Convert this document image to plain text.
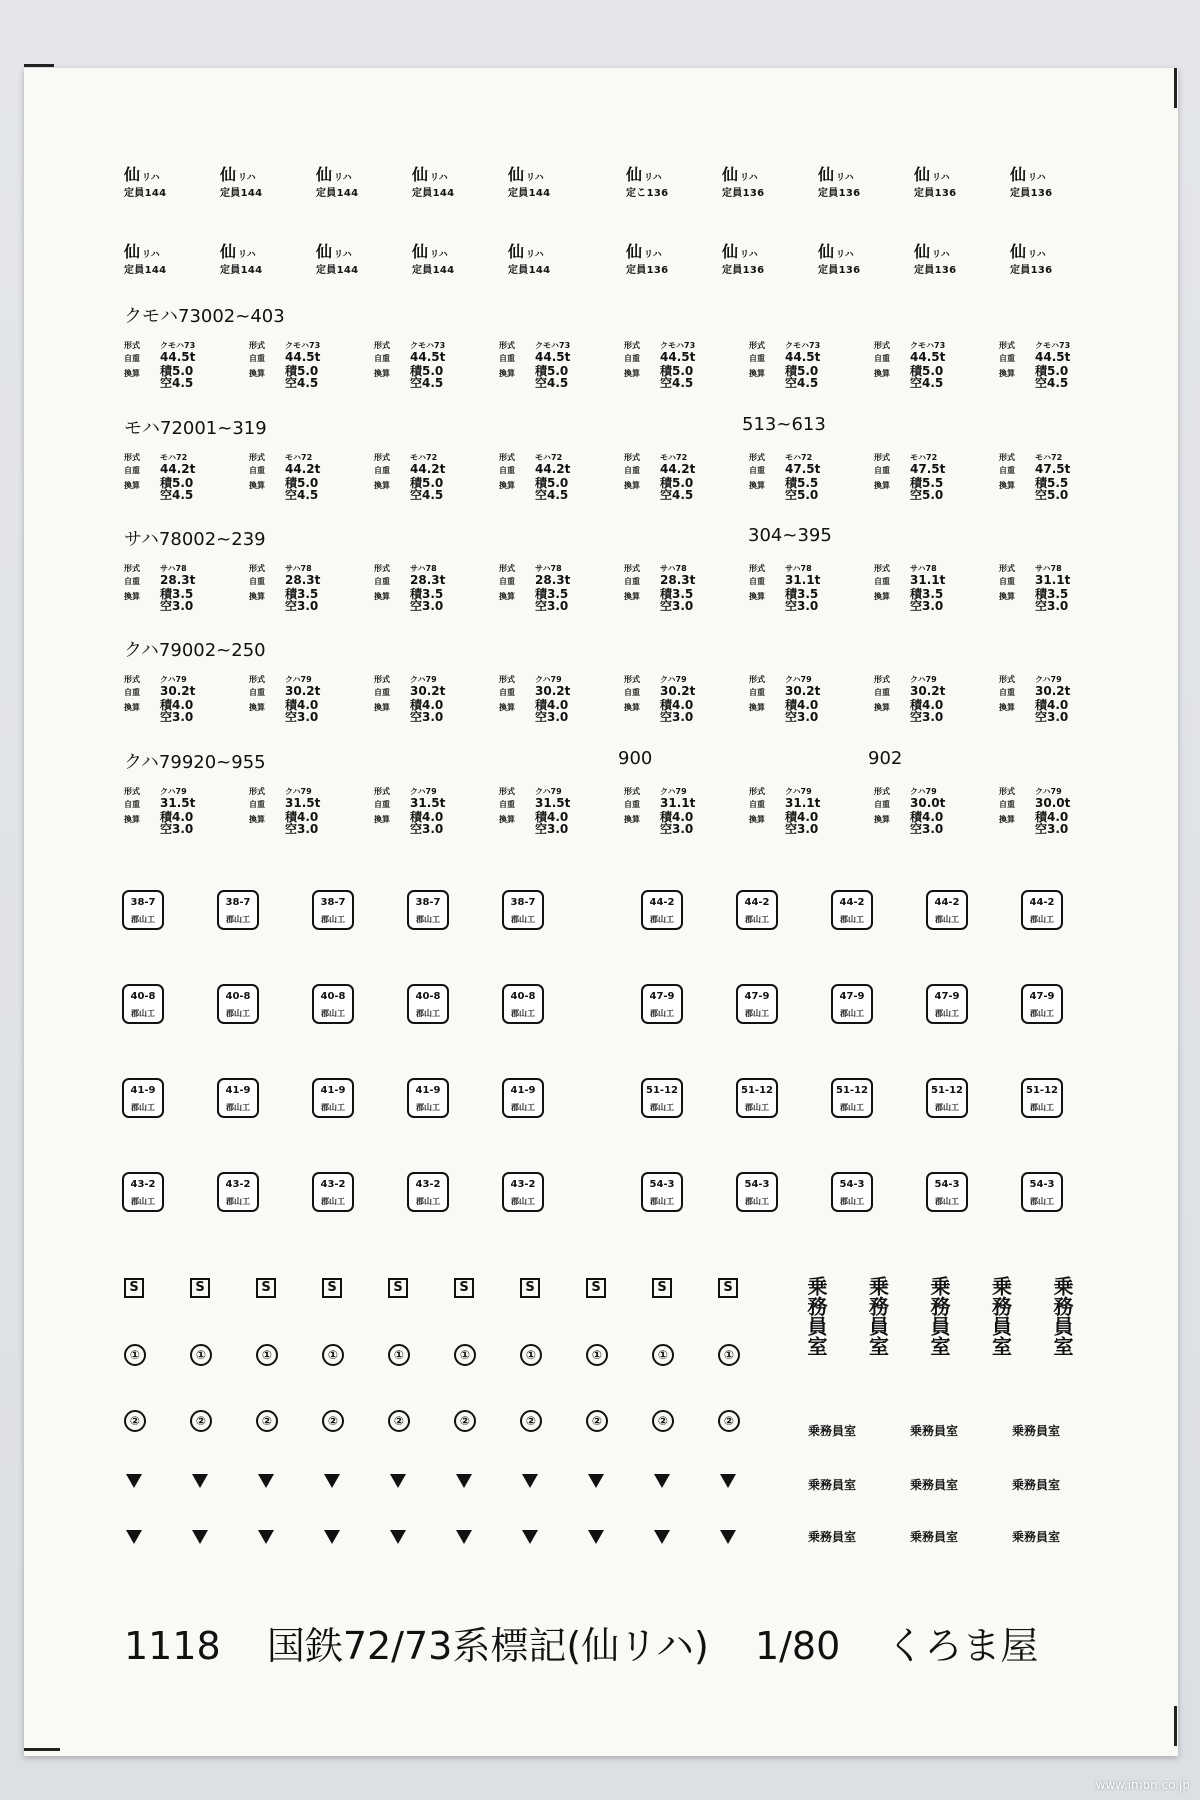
仙リハ
定員144
仙リハ
定員144
仙リハ
定員144
仙リハ
定員144
仙リハ
定員144
仙リハ
定こ136
仙リハ
定員136
仙リハ
定員136
仙リハ
定員136
仙リハ
定員136
仙リハ
定員144
仙リハ
定員144
仙リハ
定員144
仙リハ
定員144
仙リハ
定員144
仙リハ
定員136
仙リハ
定員136
仙リハ
定員136
仙リハ
定員136
仙リハ
定員136
クモハ73002~403
形式	クモハ73
自重 44.5t
換算 積5.0
空4.5
形式	クモハ73
自重 44.5t
換算 積5.0
空4.5
形式	クモハ73
自重 44.5t
換算 積5.0
空4.5
形式	クモハ73
自重 44.5t
換算 積5.0
空4.5
形式	クモハ73
自重 44.5t
換算 積5.0
空4.5
形式	クモハ73
自重 44.5t
換算 積5.0
空4.5
形式	クモハ73
自重 44.5t
換算 積5.0
空4.5
形式	クモハ73
自重 44.5t
換算 積5.0
空4.5
モハ72001~319	513~613
形式	モハ72
自重 44.2t
換算 積5.0
空4.5
形式	モハ72
自重 44.2t
換算 積5.0
空4.5
形式	モハ72
自重 44.2t
換算 積5.0
空4.5
形式	モハ72
自重 44.2t
換算 積5.0
空4.5
形式	モハ72
自重 44.2t
換算 積5.0
空4.5
形式	モハ72
自重 47.5t
換算 積5.5
空5.0
形式	モハ72
自重 47.5t
換算 積5.5
空5.0
形式	モハ72
自重 47.5t
換算 積5.5
空5.0
サハ78002~239	304~395
形式	サハ78
自重 28.3t
換算 積3.5
空3.0
形式	サハ78
自重 28.3t
換算 積3.5
空3.0
形式	サハ78
自重 28.3t
換算 積3.5
空3.0
形式	サハ78
自重 28.3t
換算 積3.5
空3.0
形式	サハ78
自重 28.3t
換算 積3.5
空3.0
形式	サハ78
自重 31.1t
換算 積3.5
空3.0
形式	サハ78
自重 31.1t
換算 積3.5
空3.0
形式	サハ78
自重 31.1t
換算 積3.5
空3.0
クハ79002~250
形式	クハ79
自重 30.2t
換算 積4.0
空3.0
形式	クハ79
自重 30.2t
換算 積4.0
空3.0
形式	クハ79
自重 30.2t
換算 積4.0
空3.0
形式	クハ79
自重 30.2t
換算 積4.0
空3.0
形式	クハ79
自重 30.2t
換算 積4.0
空3.0
形式	クハ79
自重 30.2t
換算 積4.0
空3.0
形式	クハ79
自重 30.2t
換算 積4.0
空3.0
形式	クハ79
自重 30.2t
換算 積4.0
空3.0
クハ79920~955	900	902
形式	クハ79
自重 31.5t
換算 積4.0
空3.0
形式	クハ79
自重 31.5t
換算 積4.0
空3.0
形式	クハ79
自重 31.5t
換算 積4.0
空3.0
形式	クハ79
自重 31.5t
換算 積4.0
空3.0
形式	クハ79
自重 31.1t
換算 積4.0
空3.0
形式	クハ79
自重 31.1t
換算 積4.0
空3.0
形式	クハ79
自重 30.0t
換算 積4.0
空3.0
形式	クハ79
自重 30.0t
換算 積4.0
空3.0
38-7
郡山工
38-7
郡山工
38-7
郡山工
38-7
郡山工
38-7
郡山工
44-2
郡山工
44-2
郡山工
44-2
郡山工
44-2
郡山工
44-2
郡山工
40-8
郡山工
40-8
郡山工
40-8
郡山工
40-8
郡山工
40-8
郡山工
47-9
郡山工
47-9
郡山工
47-9
郡山工
47-9
郡山工
47-9
郡山工
41-9
郡山工
41-9
郡山工
41-9
郡山工
41-9
郡山工
41-9
郡山工
51-12
郡山工
51-12
郡山工
51-12
郡山工
51-12
郡山工
51-12
郡山工
43-2
郡山工
43-2
郡山工
43-2
郡山工
43-2
郡山工
43-2
郡山工
54-3
郡山工
54-3
郡山工
54-3
郡山工
54-3
郡山工
54-3
郡山工
S	S	S	S	S	S	S	S	S	S
①	①	①	①	①	①	①	①	①	①
②	②	②	②	②	②	②	②	②	②
乗務員室 乗務員室 乗務員室 乗務員室 乗務員室
乗務員室	乗務員室	乗務員室
乗務員室	乗務員室	乗務員室
乗務員室	乗務員室	乗務員室
1118 国鉄72/73系標記(仙リハ) 1/80 くろま屋
www.imon.co.jp
